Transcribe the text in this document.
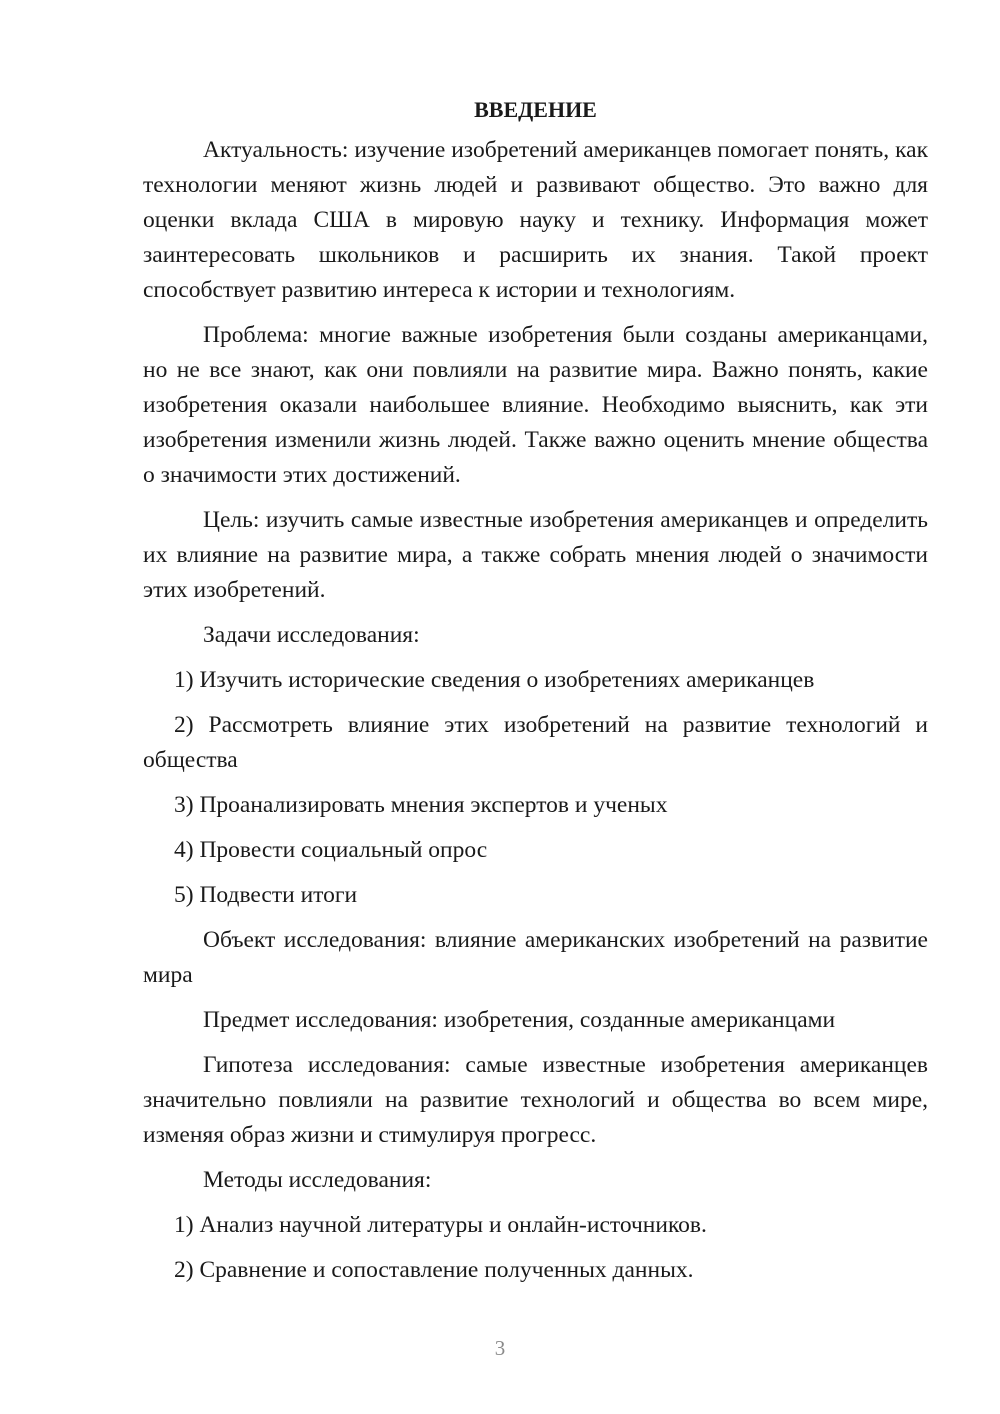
ВВЕДЕНИЕ

Актуальность: изучение изобретений американцев помогает понять, как технологии меняют жизнь людей и развивают общество. Это важно для оценки вклада США в мировую науку и технику. Информация может заинтересовать школьников и расширить их знания. Такой проект способствует развитию интереса к истории и технологиям.

Проблема: многие важные изобретения были созданы американцами, но не все знают, как они повлияли на развитие мира. Важно понять, какие изобретения оказали наибольшее влияние. Необходимо выяснить, как эти изобретения изменили жизнь людей. Также важно оценить мнение общества о значимости этих достижений.

Цель: изучить самые известные изобретения американцев и определить их влияние на развитие мира, а также собрать мнения людей о значимости этих изобретений.

Задачи исследования:

1) Изучить исторические сведения о изобретениях американцев

2) Рассмотреть влияние этих изобретений на развитие технологий и общества

3) Проанализировать мнения экспертов и ученых

4) Провести социальный опрос

5) Подвести итоги

Объект исследования: влияние американских изобретений на развитие мира

Предмет исследования: изобретения, созданные американцами

Гипотеза исследования: самые известные изобретения американцев значительно повлияли на развитие технологий и общества во всем мире, изменяя образ жизни и стимулируя прогресс.

Методы исследования:

1) Анализ научной литературы и онлайн-источников.

2) Сравнение и сопоставление полученных данных.

3
